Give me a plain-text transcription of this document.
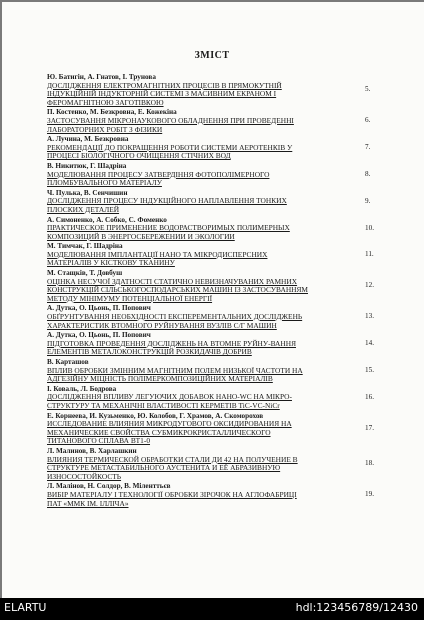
ЗМІСТ
Ю. Батигін, А. Гнатов, І. Трунова
ДОСЛІДЖЕННЯ ЕЛЕКТРОМАГНІТНИХ ПРОЦЕСІВ В ПРЯМОКУТНІЙ
ІНДУКЦІЙНІЙ ІНДУКТОРНІЙ СИСТЕМІ З МАСИВНИМ ЕКРАНОМ І
ФЕРОМАГНІТНОЮ ЗАГОТІВКОЮ
5.
П. Костенко, М. Безкровна, Е. Кожекіна
ЗАСТОСУВАННЯ МІКРОНАУКОВОГО ОБЛАДНЕННЯ ПРИ ПРОВЕДЕННІ
ЛАБОРАТОРНИХ РОБІТ З ФІЗИКИ
6.
А. Лучина, М. Безкровна
РЕКОМЕНДАЦІЇ ДО ПОКРАЩЕННЯ РОБОТИ СИСТЕМИ АЕРОТЕНКІВ У
ПРОЦЕСІ БІОЛОГІЧНОГО ОЧИЩЕННЯ СТІЧНИХ ВОД
7.
В. Никитюк, Г. Шадріна
МОДЕЛЮВАННЯ ПРОЦЕСУ ЗАТВЕРДІННЯ ФОТОПОЛІМЕРНОГО
ПЛОМБУВАЛЬНОГО МАТЕРІАЛУ
8.
Ч. Пулька, В. Сенчишин
ДОСЛІДЖЕННЯ ПРОЦЕСУ ІНДУКЦІЙНОГО НАПЛАВЛЕННЯ ТОНКИХ
ПЛОСКИХ ДЕТАЛЕЙ
9.
А. Симоненко, А. Собко, С. Фоменко
ПРАКТИЧЕСКОЕ ПРИМЕНЕНИЕ ВОДОРАСТВОРИМЫХ ПОЛИМЕРНЫХ
КОМПОЗИЦИЙ В ЭНЕРГОСБЕРЕЖЕНИИ И ЭКОЛОГИИ
10.
М. Тимчак, Г. Шадріна
МОДЕЛЮВАННЯ ІМПЛАНТАЦІЇ НАНО ТА МІКРОДИСПЕРСНИХ
МАТЕРІАЛІВ У КІСТКОВУ ТКАНИНУ
11.
М. Стащків, Т. Довбуш
ОЦІНКА НЕСУЧОЇ ЗДАТНОСТІ СТАТИЧНО НЕВИЗНАЧУВАНИХ РАМНИХ
КОНСТРУКЦІЙ СІЛЬСЬКОГОСПОДАРСЬКИХ МАШИН ІЗ ЗАСТОСУВАННЯМ
МЕТОДУ МІНІМУМУ ПОТЕНЦІАЛЬНОЇ ЕНЕРГІЇ
12.
А. Дутка, О. Цьонь, П. Попович
ОБҐРУНТУВАННЯ НЕОБХІДНОСТІ ЕКСПЕРЕМЕНТАЛЬНИХ ДОСЛІДЖЕНЬ
ХАРАКТЕРИСТИК ВТОМНОГО РУЙНУВАННЯ ВУЗЛІВ С/Г МАШИН
13.
А. Дутка, О. Цьонь, П. Попович
ПІДГОТОВКА ПРОВЕДЕННЯ ДОСЛІДЖЕНЬ НА ВТОМНЕ РУЙНУ-ВАННЯ
ЕЛЕМЕНТІВ МЕТАЛОКОНСТРУКЦІЙ РОЗКИДАЧІВ ДОБРИВ
14.
В. Карташов
ВПЛИВ ОБРОБКИ ЗМІННИМ МАГНІТНИМ ПОЛЕМ НИЗЬКОЇ ЧАСТОТИ НА
АДГЕЗІЙНУ МІЦНІСТЬ ПОЛІМЕРКОМПОЗИЦІЙНИХ МАТЕРІАЛІВ
15.
І. Коваль, Л. Бодрова
ДОСЛІДЖЕННЯ ВПЛИВУ ЛЕГУЮЧИХ ДОБАВОК НАНО-WC НА МІКРО-
СТРУКТУРУ ТА МЕХАНІЧНІ ВЛАСТИВОСТІ КЕРМЕТІВ TiC-VC-NiCr
16.
Е. Корнеева, И. Кузьменко, Ю. Колобов, Г. Храмов, А. Скоморохов
ИССЛЕДОВАНИЕ ВЛИЯНИЯ МИКРОДУГОВОГО ОКСИДИРОВАНИЯ НА
МЕХАНИЧЕСКИЕ СВОЙСТВА СУБМИКРОКРИСТАЛЛИЧЕСКОГО
ТИТАНОВОГО СПЛАВА ВТ1-0
17.
Л. Малинов, В. Харлашкин
ВЛИЯНИЯ ТЕРМИЧЕСКОЙ ОБРАБОТКИ СТАЛИ ДИ 42 НА ПОЛУЧЕНИЕ В
СТРУКТУРЕ МЕТАСТАБИЛЬНОГО АУСТЕНИТА И ЕЁ АБРАЗИВНУЮ
ИЗНОСОСТОЙКОСТЬ
18.
Л. Малінов, Н. Солдор, В. Міленттьєв
ВИБІР МАТЕРІАЛУ І ТЕХНОЛОГІЇ ОБРОБКИ ЗІРОЧОК НА АГЛОФАБРИЦІ
ПАТ «ММК ІМ. ІЛЛІЧА»
19.
ELARTU	hdl:123456789/12430
